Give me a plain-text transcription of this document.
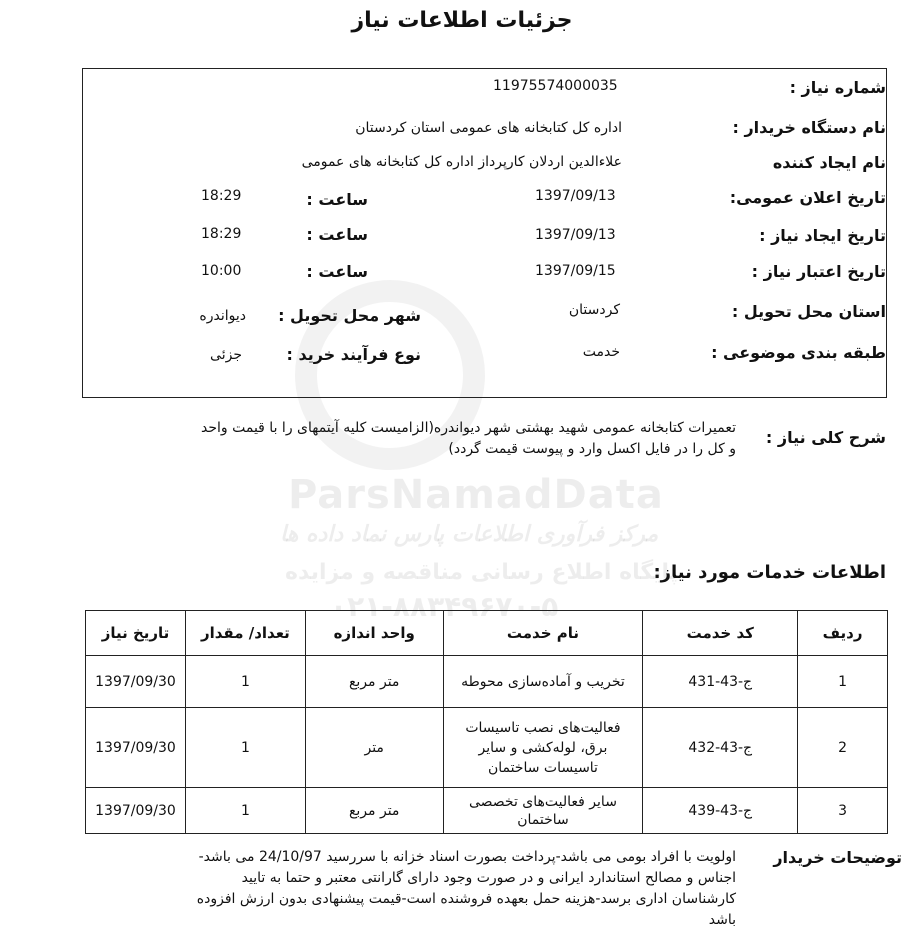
ParsNamadData
مرکز فرآوری اطلاعات پارس نماد داده ها
پایگاه اطلاع رسانی مناقصه و مزایده
۰۲۱-۸۸۳۴۹۶۷۰-۵
جزئیات اطلاعات نیاز
شماره نیاز :
11975574000035
نام دستگاه خریدار :
اداره کل کتابخانه های عمومی استان کردستان
نام ایجاد کننده
علاءالدین اردلان کارپرداز اداره کل کتابخانه های عمومی
تاریخ اعلان عمومی:
1397/09/13
ساعت :
18:29
تاریخ ایجاد نیاز :
1397/09/13
ساعت :
18:29
تاریخ اعتبار نیاز :
1397/09/15
ساعت :
10:00
استان محل تحویل :
کردستان
شهر محل تحویل :
دیواندره
طبقه بندی موضوعی :
خدمت
نوع فرآیند خرید :
جزئی
شرح کلی نیاز :
تعمیرات کتابخانه عمومی شهید بهشتی شهر دیواندره(الزامیست کلیه آیتمهای را با قیمت واحد
و کل را در فایل اکسل وارد و پیوست قیمت گردد)
اطلاعات خدمات مورد نیاز:
ردیف	کد خدمت	نام خدمت	واحد اندازه	تعداد/ مقدار	تاریخ نیاز
1	ج-43-431	تخریب و آماده‌سازی محوطه	متر مربع	1	1397/09/30
2	ج-43-432	فعالیت‌های نصب تاسیسات برق، لوله‌کشی و سایر تاسیسات ساختمان	متر	1	1397/09/30
3	ج-43-439	سایر فعالیت‌های تخصصی ساختمان	متر مربع	1	1397/09/30
توضیحات خریدار
اولویت با افراد بومی می باشد-پرداخت بصورت اسناد خزانه با سررسید 24/10/97 می باشد-
اجناس و مصالح استاندارد ایرانی و در صورت وجود دارای گارانتی معتبر و حتما به تایید
کارشناسان اداری برسد-هزینه حمل بعهده فروشنده است-قیمت پیشنهادی بدون ارزش افزوده
باشد
